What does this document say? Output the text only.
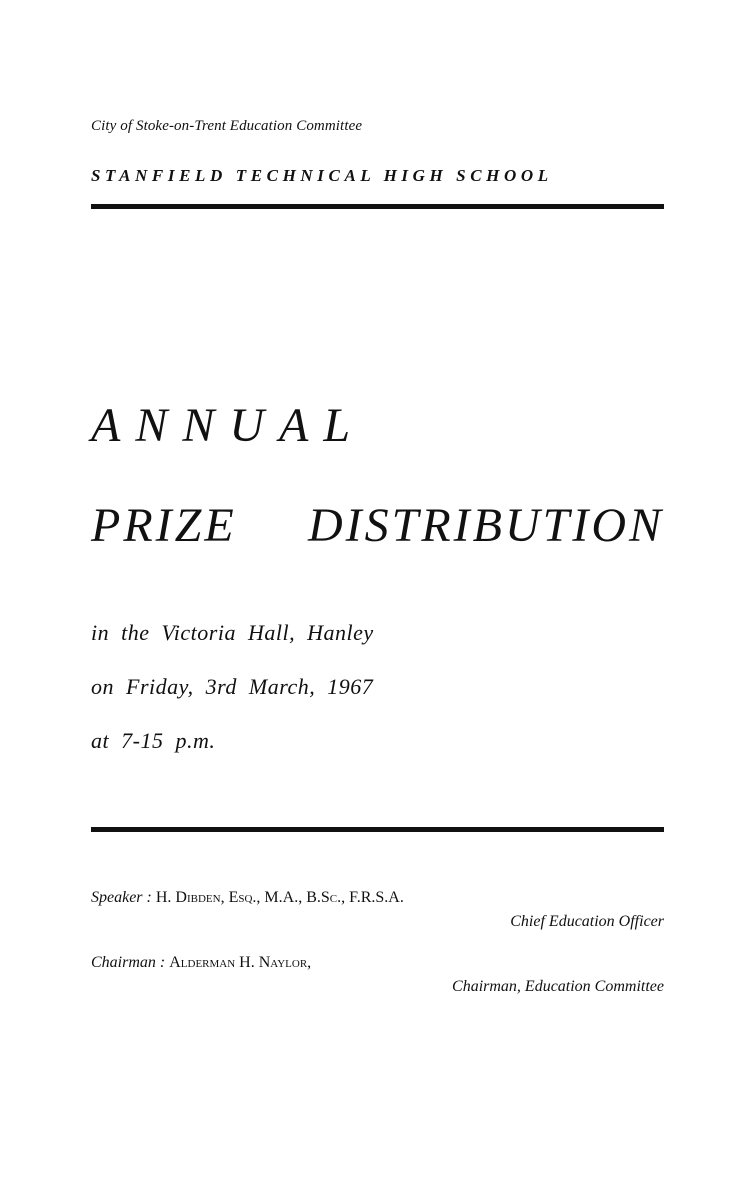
City of Stoke-on-Trent Education Committee
STANFIELD TECHNICAL HIGH SCHOOL
ANNUAL
PRIZE DISTRIBUTION
in the Victoria Hall, Hanley
on Friday, 3rd March, 1967
at 7-15 p.m.
Speaker : H. Dibden, Esq., M.A., B.Sc., F.R.S.A.
Chief Education Officer
Chairman : Alderman H. Naylor,
Chairman, Education Committee
